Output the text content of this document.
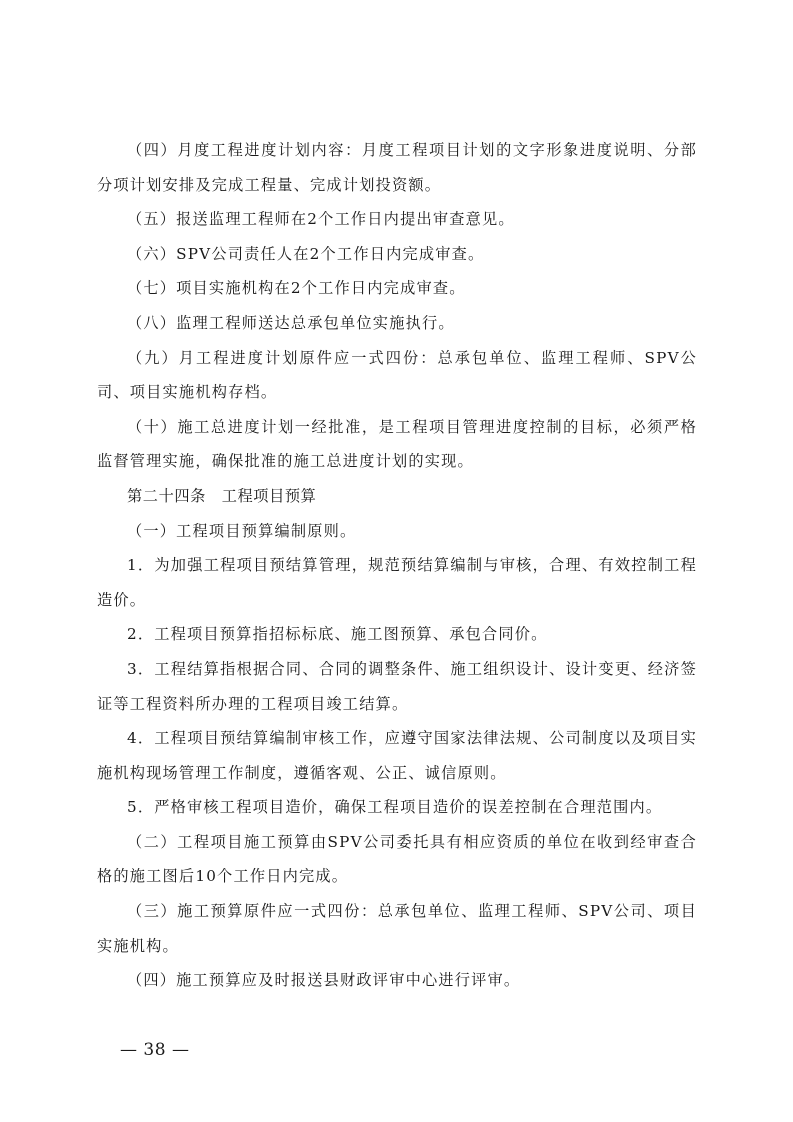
（四）月度工程进度计划内容：月度工程项目计划的文字形象进度说明、分部分项计划安排及完成工程量、完成计划投资额。

（五）报送监理工程师在2个工作日内提出审查意见。

（六）SPV公司责任人在2个工作日内完成审查。

（七）项目实施机构在2个工作日内完成审查。

（八）监理工程师送达总承包单位实施执行。

（九）月工程进度计划原件应一式四份：总承包单位、监理工程师、SPV公司、项目实施机构存档。

（十）施工总进度计划一经批准，是工程项目管理进度控制的目标，必须严格监督管理实施，确保批准的施工总进度计划的实现。

第二十四条　工程项目预算

（一）工程项目预算编制原则。

1．为加强工程项目预结算管理，规范预结算编制与审核，合理、有效控制工程造价。

2．工程项目预算指招标标底、施工图预算、承包合同价。

3．工程结算指根据合同、合同的调整条件、施工组织设计、设计变更、经济签证等工程资料所办理的工程项目竣工结算。

4．工程项目预结算编制审核工作，应遵守国家法律法规、公司制度以及项目实施机构现场管理工作制度，遵循客观、公正、诚信原则。

5．严格审核工程项目造价，确保工程项目造价的误差控制在合理范围内。

（二）工程项目施工预算由SPV公司委托具有相应资质的单位在收到经审查合格的施工图后10个工作日内完成。

（三）施工预算原件应一式四份：总承包单位、监理工程师、SPV公司、项目实施机构。

（四）施工预算应及时报送县财政评审中心进行评审。

— 38 —
